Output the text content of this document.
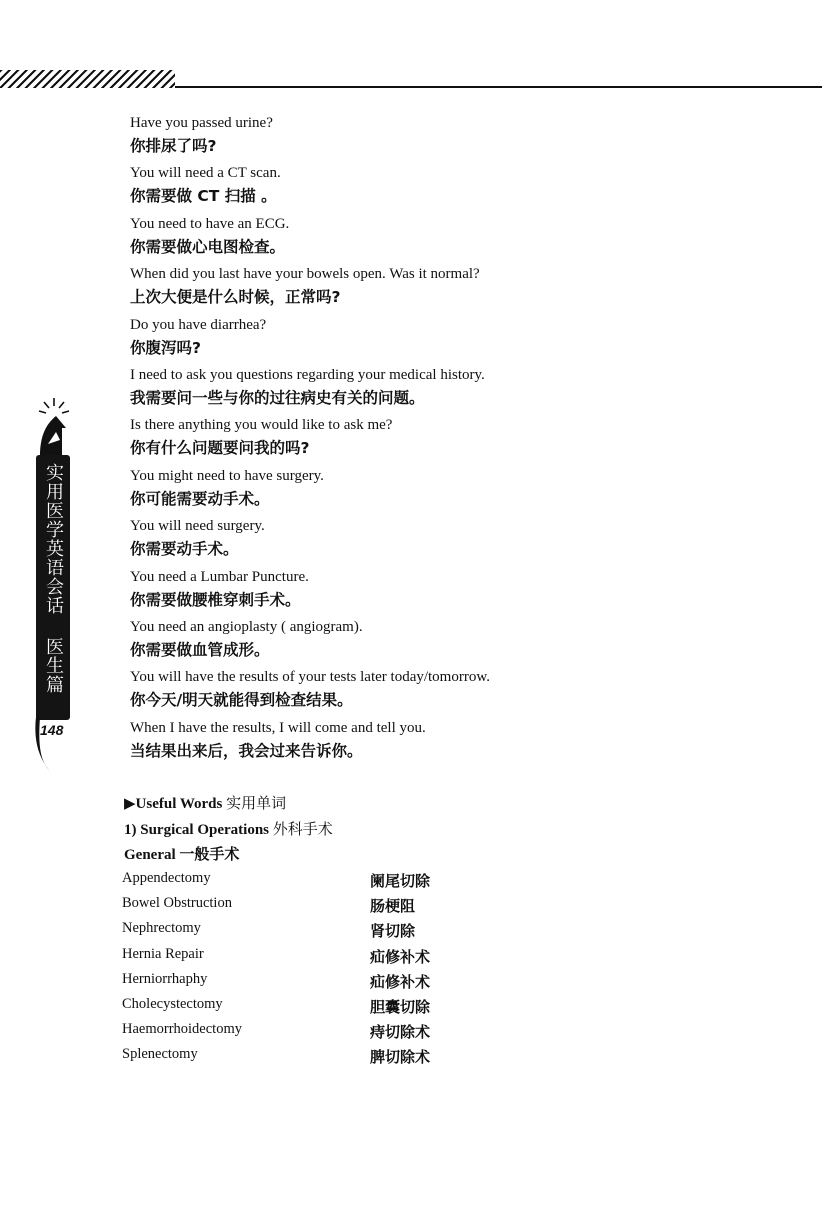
实用医学英语会话 医生篇
148
Have you passed urine?
你排尿了吗?
You will need a CT scan.
你需要做 CT 扫描 。
You need to have an ECG.
你需要做心电图检查。
When did you last have your bowels open. Was it normal?
上次大便是什么时候，正常吗?
Do you have diarrhea?
你腹泻吗?
I need to ask you questions regarding your medical history.
我需要问一些与你的过往病史有关的问题。
Is there anything you would like to ask me?
你有什么问题要问我的吗?
You might need to have surgery.
你可能需要动手术。
You will need surgery.
你需要动手术。
You need a Lumbar Puncture.
你需要做腰椎穿刺手术。
You need an angioplasty ( angiogram).
你需要做血管成形。
You will have the results of your tests later today/tomorrow.
你今天/明天就能得到检查结果。
When I have the results, I will come and tell you.
当结果出来后，我会过来告诉你。
▶Useful Words 实用单词
1) Surgical Operations 外科手术
General 一般手术
Appendectomy	阑尾切除
Bowel Obstruction	肠梗阻
Nephrectomy	肾切除
Hernia Repair	疝修补术
Herniorrhaphy	疝修补术
Cholecystectomy	胆囊切除
Haemorrhoidectomy	痔切除术
Splenectomy	脾切除术
